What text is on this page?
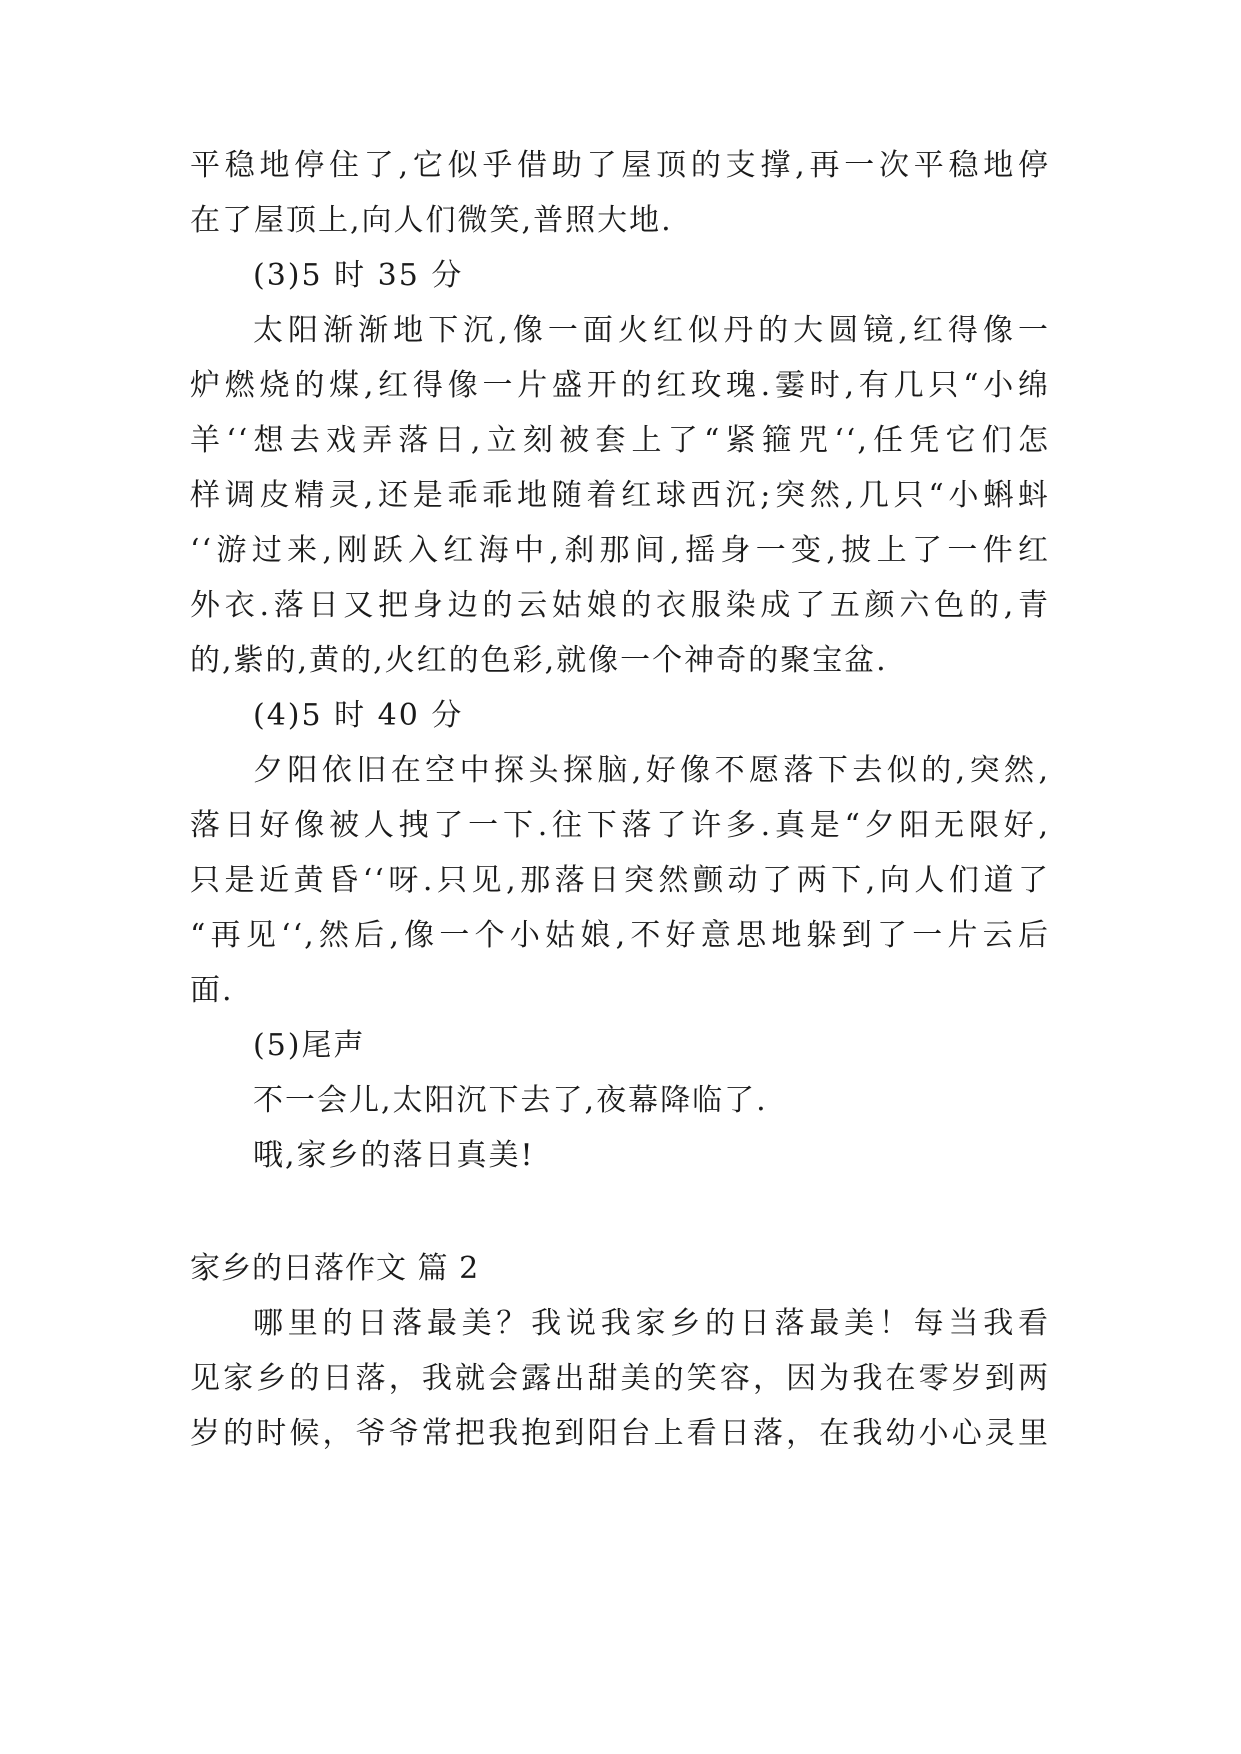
平稳地停住了,它似乎借助了屋顶的支撑,再一次平稳地停
在了屋顶上,向人们微笑,普照大地.
(3)5 时 35 分
太阳渐渐地下沉,像一面火红似丹的大圆镜,红得像一
炉燃烧的煤,红得像一片盛开的红玫瑰.霎时,有几只“小绵
羊‘‘想去戏弄落日,立刻被套上了“紧箍咒‘‘,任凭它们怎
样调皮精灵,还是乖乖地随着红球西沉;突然,几只“小蝌蚪
‘‘游过来,刚跃入红海中,刹那间,摇身一变,披上了一件红
外衣.落日又把身边的云姑娘的衣服染成了五颜六色的,青
的,紫的,黄的,火红的色彩,就像一个神奇的聚宝盆.
(4)5 时 40 分
夕阳依旧在空中探头探脑,好像不愿落下去似的,突然,
落日好像被人拽了一下.往下落了许多.真是“夕阳无限好,
只是近黄昏‘‘呀.只见,那落日突然颤动了两下,向人们道了
“再见‘‘,然后,像一个小姑娘,不好意思地躲到了一片云后
面.
(5)尾声
不一会儿,太阳沉下去了,夜幕降临了.
哦,家乡的落日真美!
家乡的日落作文 篇 2
哪里的日落最美？我说我家乡的日落最美！每当我看
见家乡的日落，我就会露出甜美的笑容，因为我在零岁到两
岁的时候，爷爷常把我抱到阳台上看日落，在我幼小心灵里
